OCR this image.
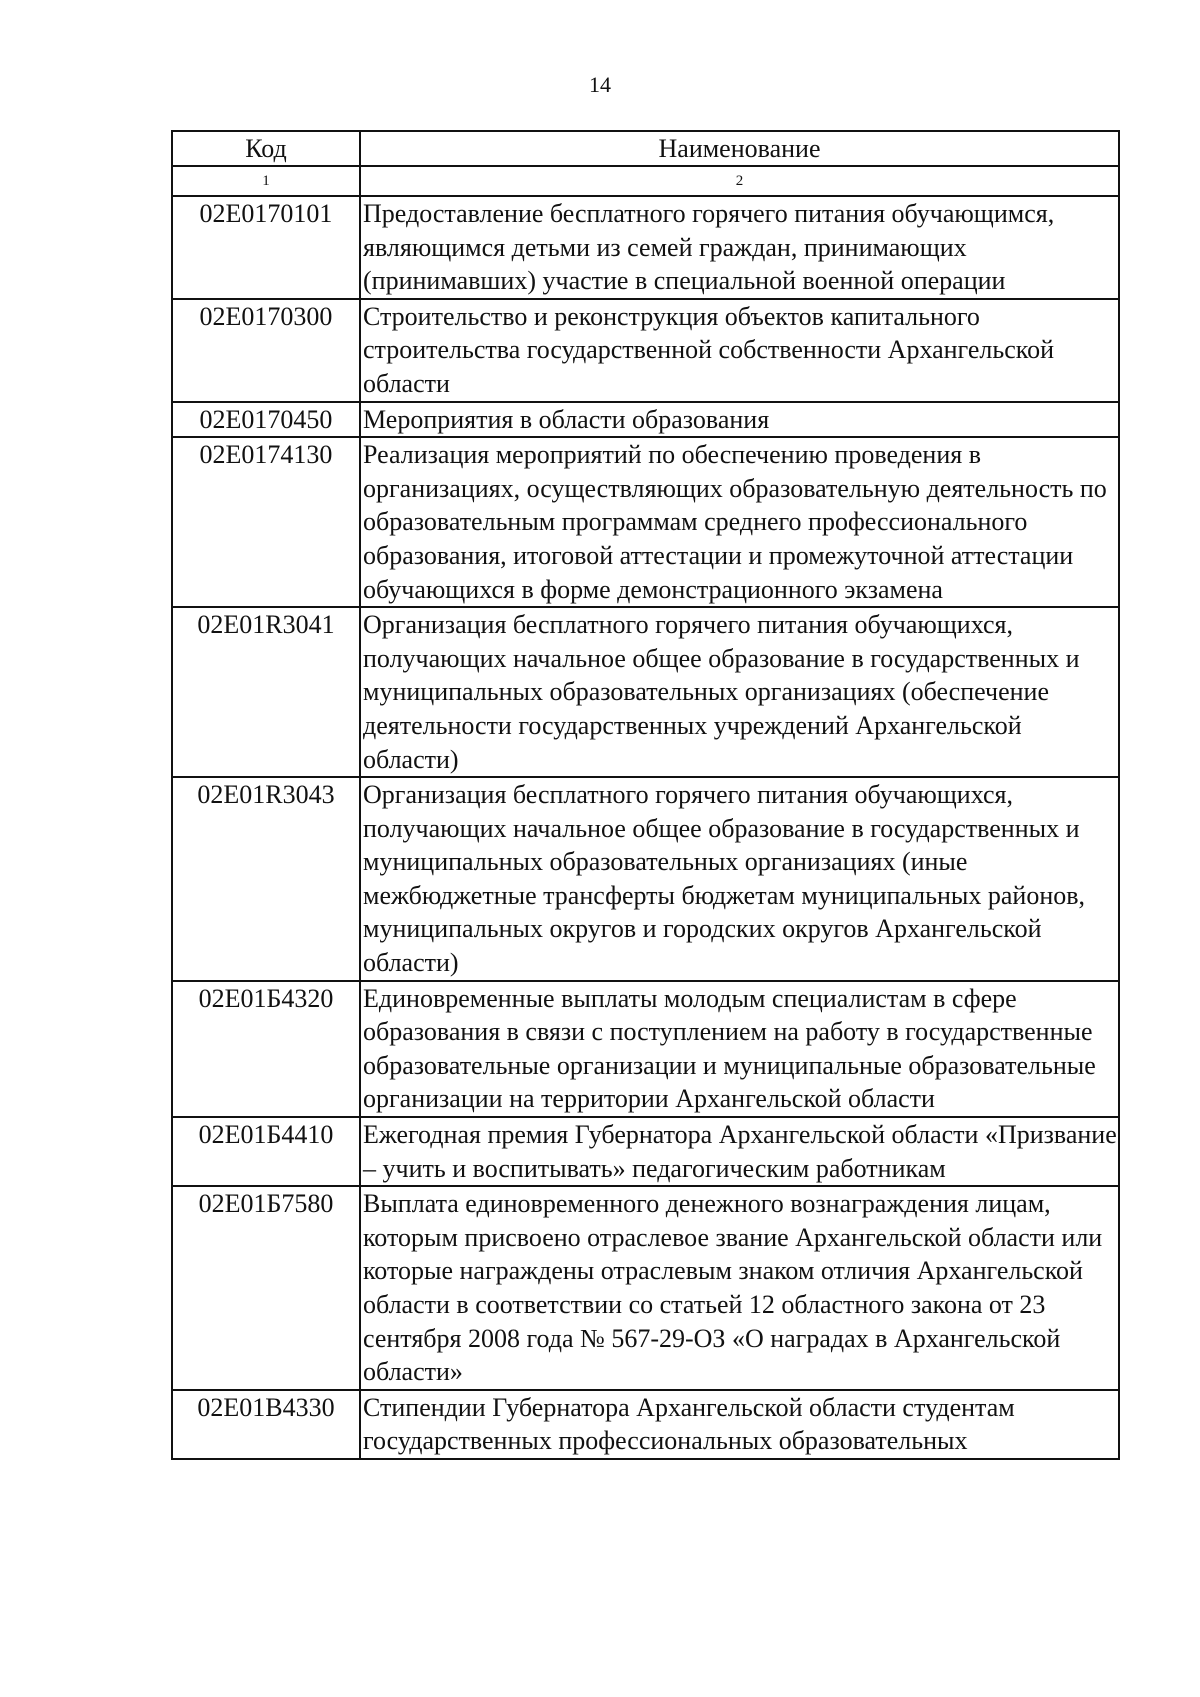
14
Код	Наименование
1	2
02Е0170101	Предоставление бесплатного горячего питания обучающимся, являющимся детьми из семей граждан, принимающих (принимавших) участие в специальной военной операции
02Е0170300	Строительство и реконструкция объектов капитального строительства государственной собственности Архангельской области
02Е0170450	Мероприятия в области образования
02Е0174130	Реализация мероприятий по обеспечению проведения в организациях, осуществляющих образовательную деятельность по образовательным программам среднего профессионального образования, итоговой аттестации и промежуточной аттестации обучающихся в форме демонстрационного экзамена
02Е01R3041	Организация бесплатного горячего питания обучающихся, получающих начальное общее образование в государственных и муниципальных образовательных организациях (обеспечение деятельности государственных учреждений Архангельской области)
02Е01R3043	Организация бесплатного горячего питания обучающихся, получающих начальное общее образование в государственных и муниципальных образовательных организациях (иные межбюджетные трансферты бюджетам муниципальных районов, муниципальных округов и городских округов Архангельской области)
02Е01Б4320	Единовременные выплаты молодым специалистам в сфере образования в связи с поступлением на работу в государственные образовательные организации и муниципальные образовательные организации на территории Архангельской области
02Е01Б4410	Ежегодная премия Губернатора Архангельской области «Призвание – учить и воспитывать» педагогическим работникам
02Е01Б7580	Выплата единовременного денежного вознаграждения лицам, которым присвоено отраслевое звание Архангельской области или которые награждены отраслевым знаком отличия Архангельской области в соответствии со статьей 12 областного закона от 23 сентября 2008 года № 567-29-ОЗ «О наградах в Архангельской области»
02Е01В4330	Стипендии Губернатора Архангельской области студентам государственных профессиональных образовательных
